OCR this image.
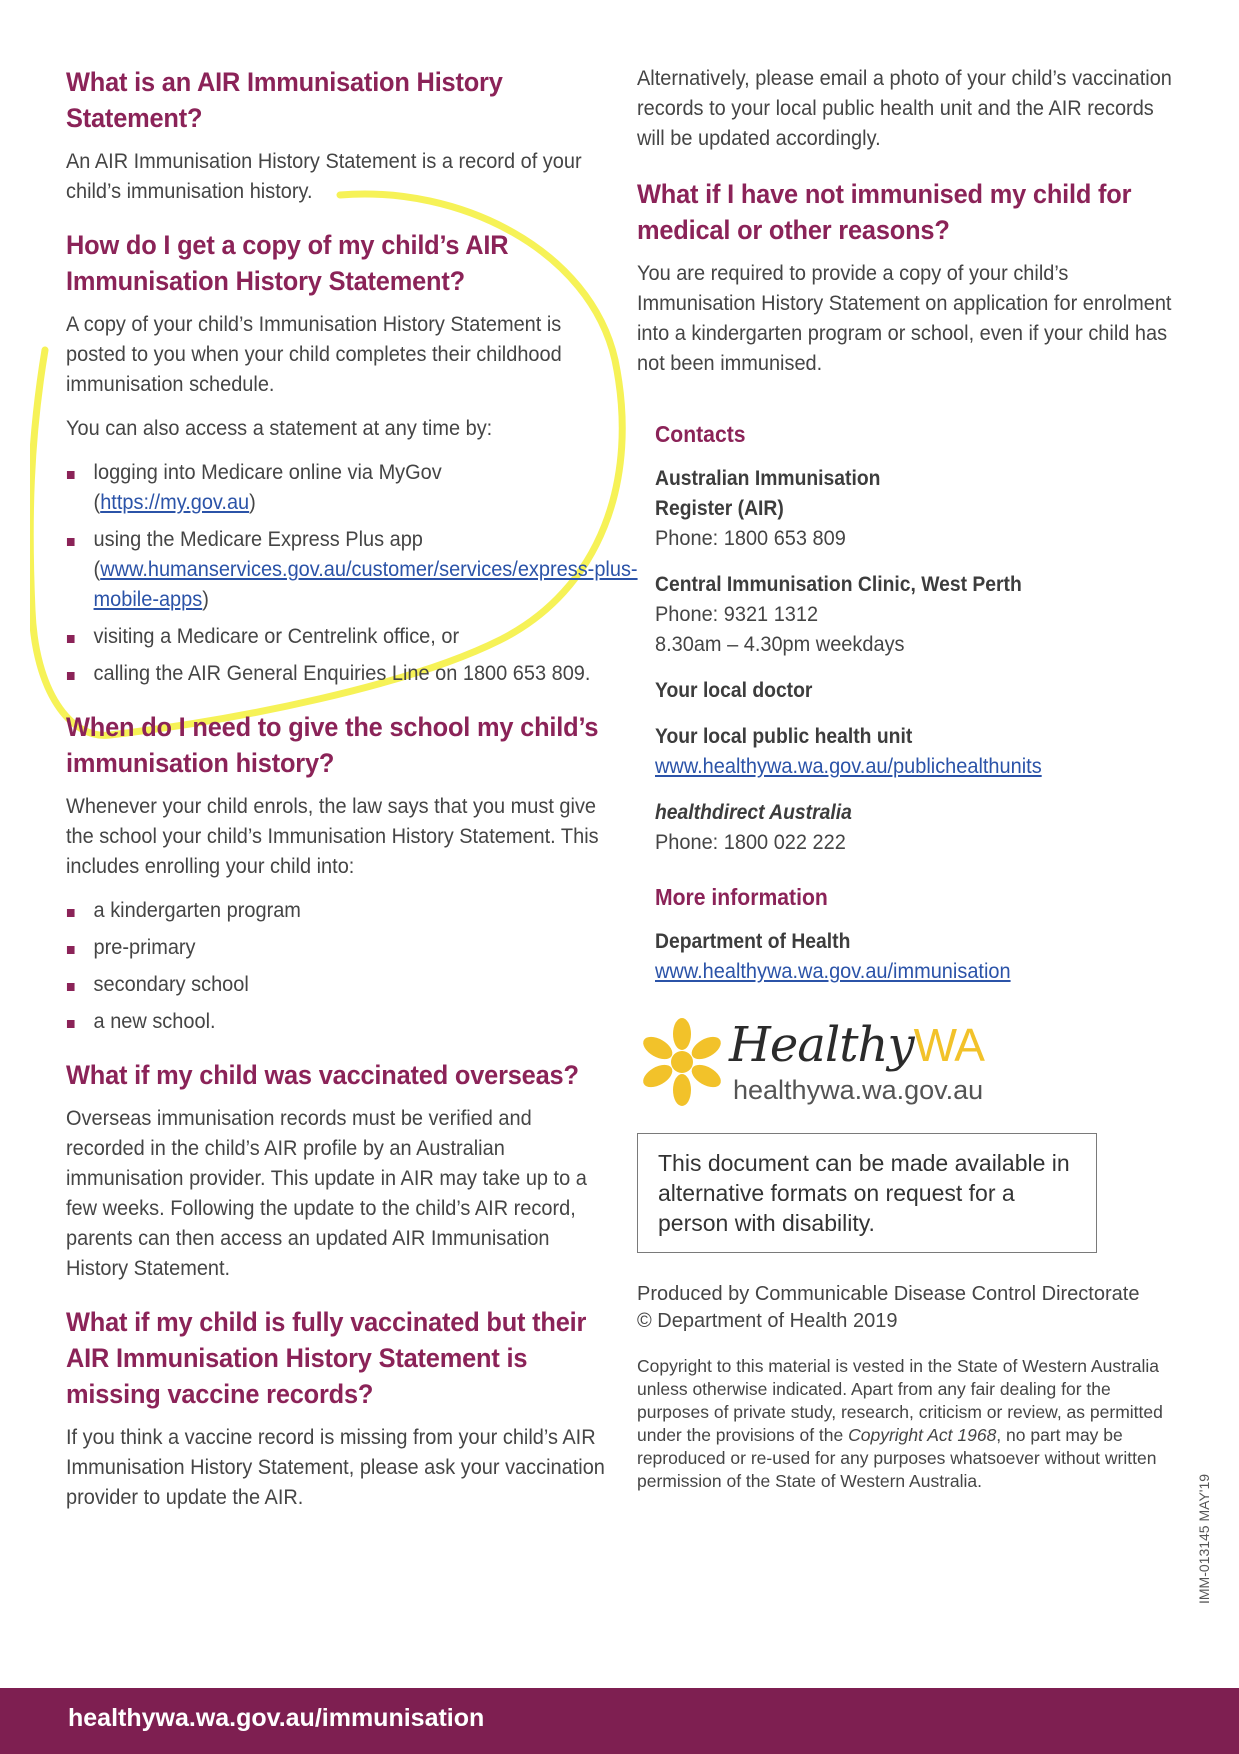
What is an AIR Immunisation History Statement?

An AIR Immunisation History Statement is a record of your child’s immunisation history.

How do I get a copy of my child’s AIR Immunisation History Statement?

A copy of your child’s Immunisation History Statement is posted to you when your child completes their childhood immunisation schedule.

You can also access a statement at any time by:

logging into Medicare online via MyGov
(https://my.gov.au)
using the Medicare Express Plus app
(www.humanservices.gov.au/customer/services/express-plus-mobile-apps)
visiting a Medicare or Centrelink office, or
calling the AIR General Enquiries Line on 1800 653 809.
When do I need to give the school my child’s immunisation history?

Whenever your child enrols, the law says that you must give the school your child’s Immunisation History Statement. This includes enrolling your child into:

a kindergarten program
pre-primary
secondary school
a new school.
What if my child was vaccinated overseas?

Overseas immunisation records must be verified and recorded in the child’s AIR profile by an Australian immunisation provider. This update in AIR may take up to a few weeks. Following the update to the child’s AIR record, parents can then access an updated AIR Immunisation History Statement.

What if my child is fully vaccinated but their AIR Immunisation History Statement is missing vaccine records?

If you think a vaccine record is missing from your child’s AIR Immunisation History Statement, please ask your vaccination provider to update the AIR.

Alternatively, please email a photo of your child’s vaccination records to your local public health unit and the AIR records will be updated accordingly.

What if I have not immunised my child for medical or other reasons?

You are required to provide a copy of your child’s Immunisation History Statement on application for enrolment into a kindergarten program or school, even if your child has not been immunised.

Contacts

Australian Immunisation Register (AIR)

Phone: 1800 653 809

Central Immunisation Clinic, West Perth

Phone: 9321 1312

8.30am – 4.30pm weekdays

Your local doctor

Your local public health unit

www.healthywa.wa.gov.au/publichealthunits

healthdirect Australia

Phone: 1800 022 222

More information

Department of Health

www.healthywa.wa.gov.au/immunisation

HealthyWA
healthywa.wa.gov.au
This document can be made available in alternative formats on request for a person with disability.
Produced by Communicable Disease Control Directorate
© Department of Health 2019
Copyright to this material is vested in the State of Western Australia unless otherwise indicated. Apart from any fair dealing for the purposes of private study, research, criticism or review, as permitted under the provisions of the Copyright Act 1968, no part may be reproduced or re-used for any purposes whatsoever without written permission of the State of Western Australia.	IMM-013145 MAY'19
healthywa.wa.gov.au/immunisation
